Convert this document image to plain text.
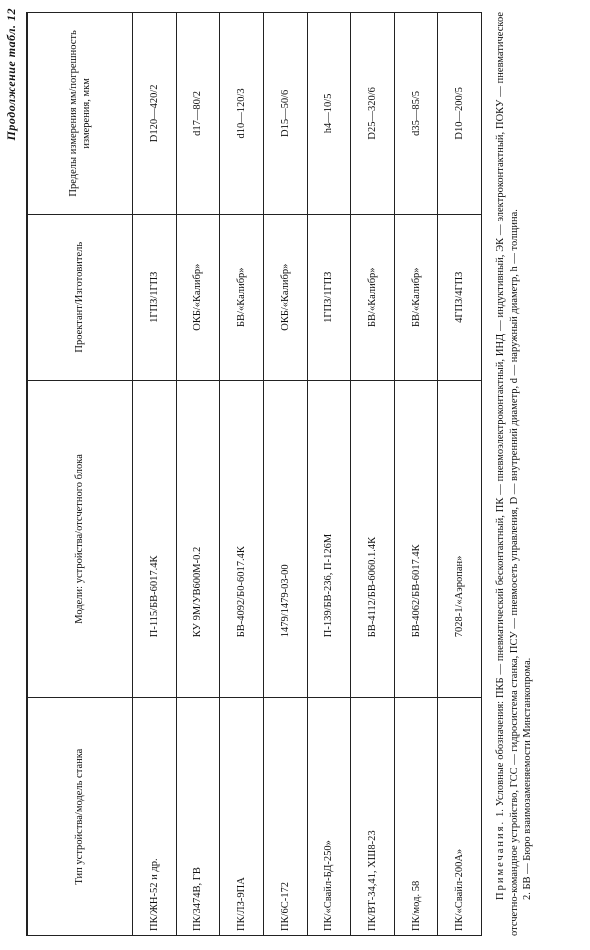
Продолжение табл. 12
Тип устройства/модель станка	Модели: устройства/отсчетного блока	Проектант/Изготовитель	Пределы измерения мм/погрешность измерения, мкм
ПК/ЖН-52 и др.	П-115/БВ-6017.4К	1ГПЗ/1ГПЗ	D120—420/2
ПК/3474В, ГВ	КУ 9М/УВ600М-0.2	ОКБ/«Калибр»	d17—80/2
ПК/ЛЗ-9ПА	БВ-4092/Б0-6017.4К	БВ/«Калибр»	d10—120/3
ПК/6С-172	1479/1479-03-00	ОКБ/«Калибр»	D15—50/6
ПК/«Свайл-БД-250»	П-139/БВ-236, П-126М	1ГПЗ/1ГПЗ	h4—10/5
ПК/ВТ-34,41, ХШ8-23	БВ-4112/БВ-6060.1.4К	БВ/«Калибр»	D25—320/6
ПК/мод. 58	БВ-4062/БВ-6017.4К	БВ/«Калибр»	d35—85/5
ПК/«Свайл-200А»	7028-1/«Аэропан»	4ГПЗ/4ГПЗ	D10—200/5

Примечания. 1. Условные обозначения: ПКБ — пневматический бесконтактный, ПК — пневмоэлектроконтактный, ИНД — индуктивный, ЭК — электроконтактный, ПОКУ — пневматическое отсчетно-командное устройство, ГСС — гидросистема станка, ПСУ — пневмосеть управления, D — внутренний диаметр, d — наружный диаметр, h — толщина. 2. БВ — Бюро взаимозаменяемости Минстанкопрома.
